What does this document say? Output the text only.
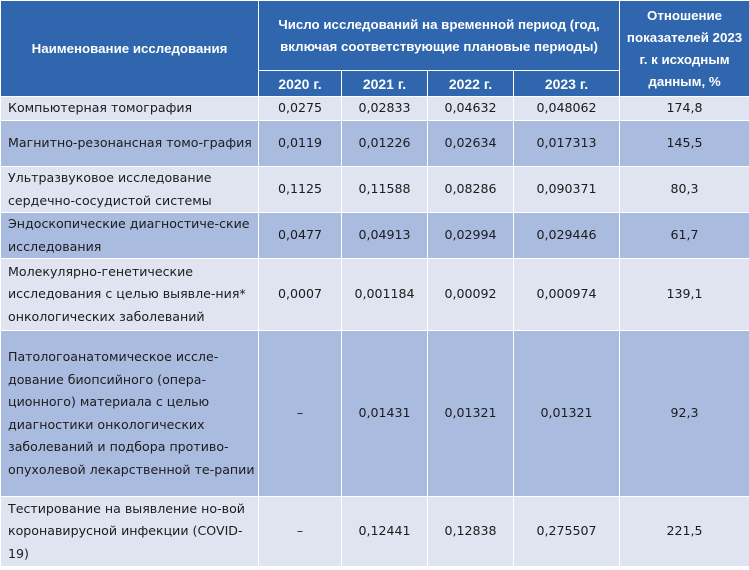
Наименование исследования	Число исследований на временной период (год, включая соответствующие плановые периоды)				Отношение показателей 2023 г. к исходным данным, %
	2020 г.	2021 г.	2022 г.	2023 г.	
Компьютерная томография	0,0275	0,02833	0,04632	0,048062	174,8
Магнитно-резонансная томо-графия	0,0119	0,01226	0,02634	0,017313	145,5
Ультразвуковое исследование сердечно-сосудистой системы	0,1125	0,11588	0,08286	0,090371	80,3
Эндоскопические диагностиче-ские исследования	0,0477	0,04913	0,02994	0,029446	61,7
Молекулярно-генетические исследования с целью выявле-ния* онкологических заболеваний	0,0007	0,001184	0,00092	0,000974	139,1
Патологоанатомическое иссле-дование биопсийного (опера-ционного) материала с целью диагностики онкологических заболеваний и подбора противо-опухолевой лекарственной те-рапии	–	0,01431	0,01321	0,01321	92,3
Тестирование на выявление но-вой коронавирусной инфекции (COVID-19)	–	0,12441	0,12838	0,275507	221,5
